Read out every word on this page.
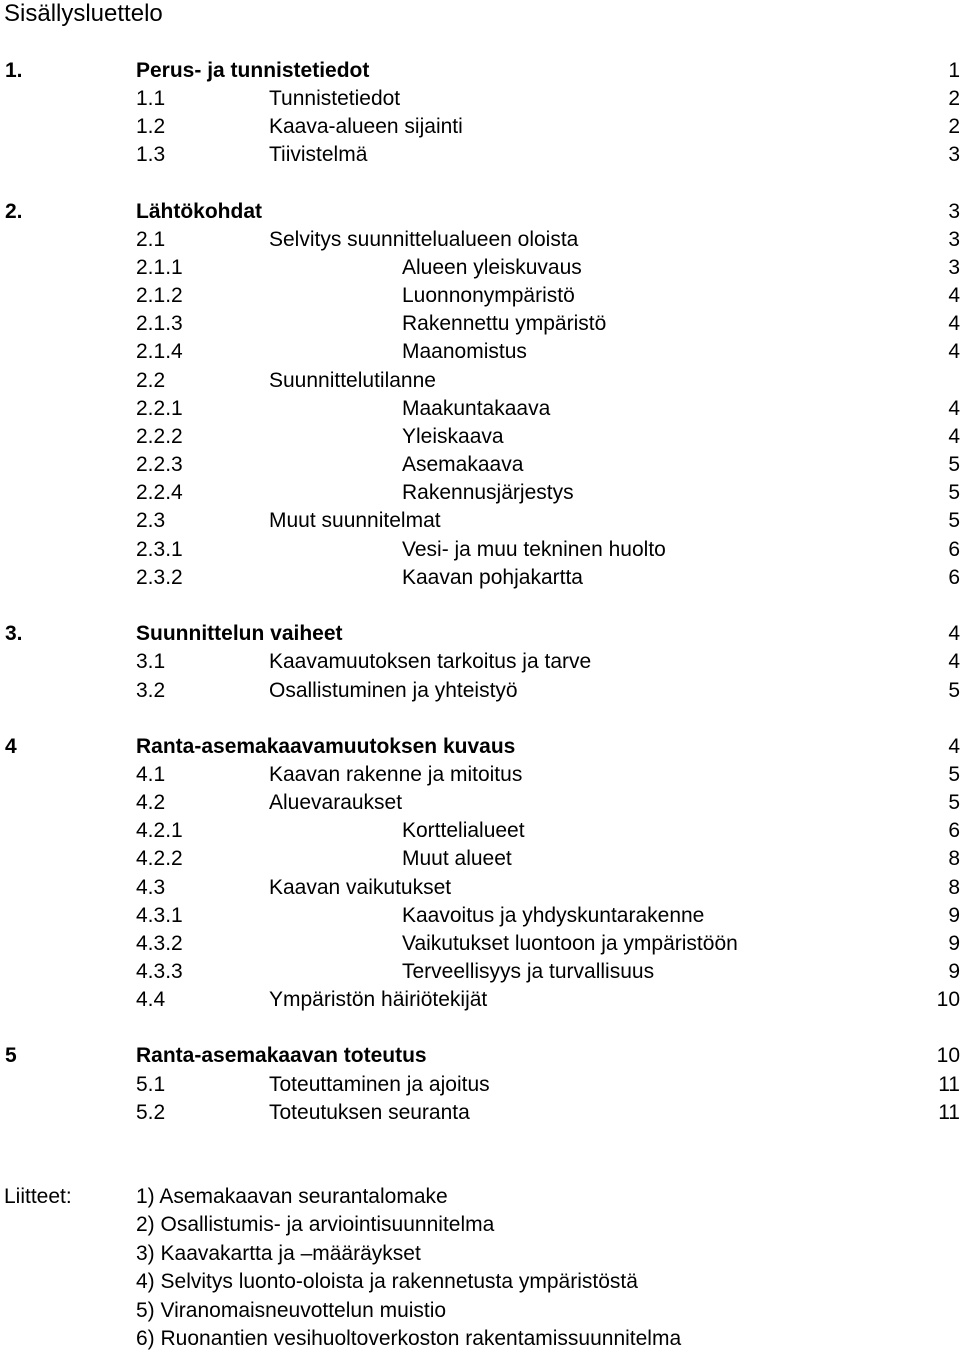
Sisällysluettelo
1.	Perus- ja tunnistetiedot	1
1.1	Tunnistetiedot	2
1.2	Kaava-alueen sijainti	2
1.3	Tiivistelmä	3
2.	Lähtökohdat	3
2.1	Selvitys suunnittelualueen oloista	3
2.1.1	Alueen yleiskuvaus	3
2.1.2	Luonnonympäristö	4
2.1.3	Rakennettu ympäristö	4
2.1.4	Maanomistus	4
2.2	Suunnittelutilanne
2.2.1	Maakuntakaava	4
2.2.2	Yleiskaava	4
2.2.3	Asemakaava	5
2.2.4	Rakennusjärjestys	5
2.3	Muut suunnitelmat	5
2.3.1	Vesi- ja muu tekninen huolto	6
2.3.2	Kaavan pohjakartta	6
3.	Suunnittelun vaiheet	4
3.1	Kaavamuutoksen tarkoitus ja tarve	4
3.2	Osallistuminen ja yhteistyö	5
4	Ranta-asemakaavamuutoksen kuvaus	4
4.1	Kaavan rakenne ja mitoitus	5
4.2	Aluevaraukset	5
4.2.1	Korttelialueet	6
4.2.2	Muut alueet	8
4.3	Kaavan vaikutukset	8
4.3.1	Kaavoitus ja yhdyskuntarakenne	9
4.3.2	Vaikutukset luontoon ja ympäristöön	9
4.3.3	Terveellisyys ja turvallisuus	9
4.4	Ympäristön häiriötekijät	10
5	Ranta-asemakaavan toteutus	10
5.1	Toteuttaminen ja ajoitus	11
5.2	Toteutuksen seuranta	11
Liitteet:	1) Asemakaavan seurantalomake
2) Osallistumis- ja arviointisuunnitelma
3) Kaavakartta ja –määräykset
4) Selvitys luonto-oloista ja rakennetusta ympäristöstä
5) Viranomaisneuvottelun muistio
6) Ruonantien vesihuoltoverkoston rakentamissuunnitelma
